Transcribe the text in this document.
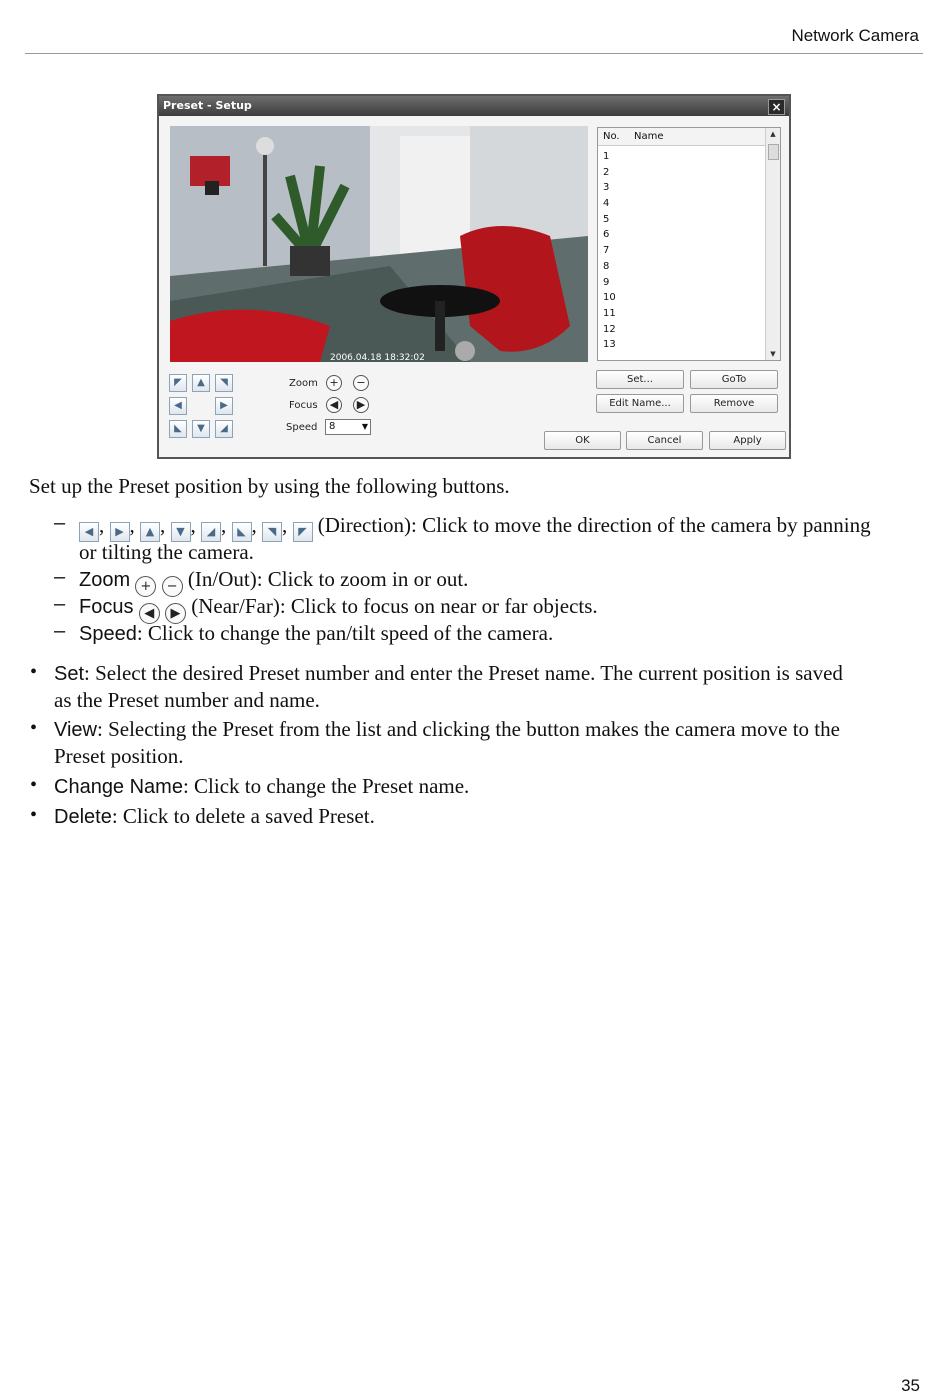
Network Camera
Preset - Setup	×
2006.04.18 18:32:02
No. Name
1
2
3
4
5
6
7
8
9
10
11
12
13
▲
▼
◤	▲	◥
◀	▶
◣	▼	◢
Zoom	+	−
Focus	◀	▶
Speed	8	▼
Set...	GoTo
Edit Name...	Remove
OK	Cancel	Apply
Set up the Preset position by using the following buttons.
–	◀ , ▶ , ▲ , ▼ , ◢ , ◣ , ◥ , ◤ (Direction): Click to move the direction of the camera by panning
or tilting the camera.
– Zoom + − (In/Out): Click to zoom in or out.
– Focus ◀ ▶ (Near/Far): Click to focus on near or far objects.
– Speed: Click to change the pan/tilt speed of the camera.
• Set: Select the desired Preset number and enter the Preset name. The current position is saved
as the Preset number and name.
• View: Selecting the Preset from the list and clicking the button makes the camera move to the
Preset position.
• Change Name: Click to change the Preset name.
• Delete: Click to delete a saved Preset.
35
